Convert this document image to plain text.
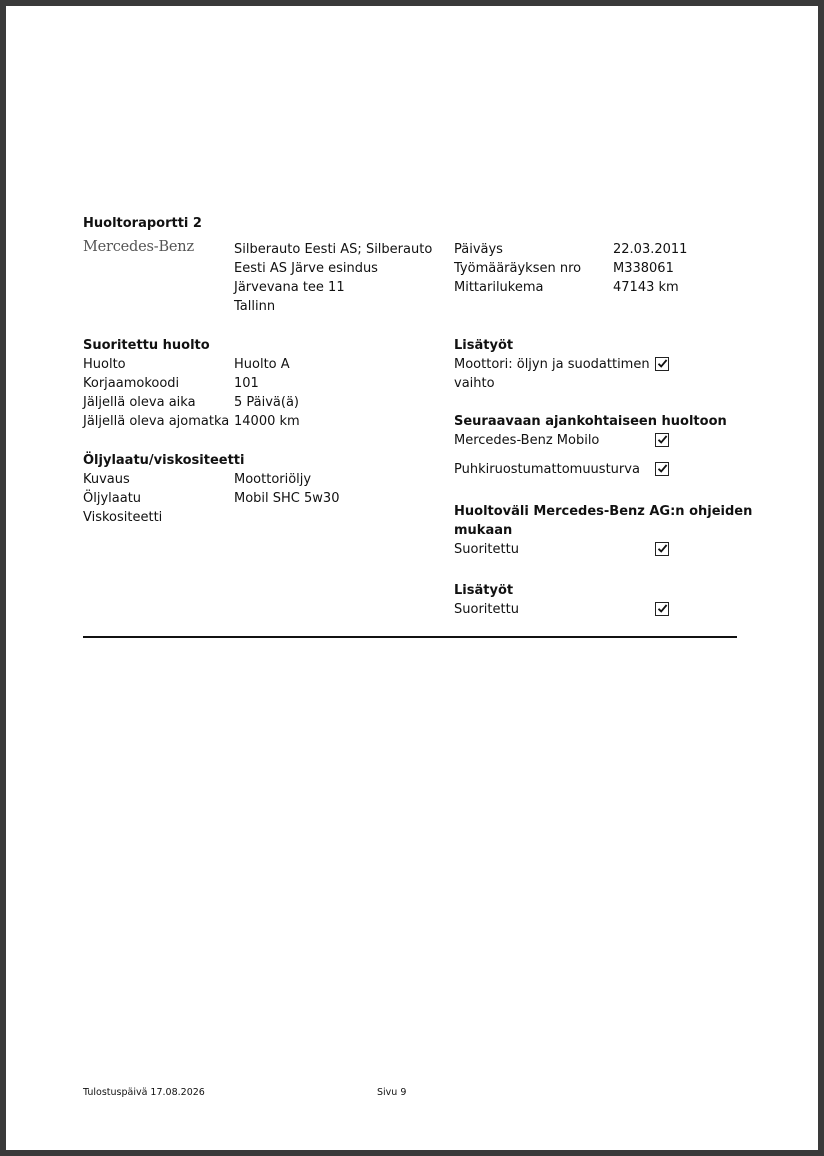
Huoltoraportti 2
Mercedes-Benz	Silberauto Eesti AS; Silberauto
Eesti AS Järve esindus
Järvevana tee 11
Tallinn
Päiväys	22.03.2011
Työmääräyksen nro	M338061
Mittarilukema	47143 km
Suoritettu huolto
Huolto	Huolto A
Korjaamokoodi	101
Jäljellä oleva aika	5 Päivä(ä)
Jäljellä oleva ajomatka 14000 km
Öljylaatu/viskositeetti
Kuvaus	Moottoriöljy
Öljylaatu	Mobil SHC 5w30
Viskositeetti
Lisätyöt
Moottori: öljyn ja suodattimen
vaihto
Seuraavaan ajankohtaiseen huoltoon
Mercedes-Benz Mobilo
Puhkiruostumattomuusturva
Huoltoväli Mercedes-Benz AG:n ohjeiden
mukaan
Suoritettu
Lisätyöt
Suoritettu
Tulostuspäivä 17.08.2026	Sivu 9
